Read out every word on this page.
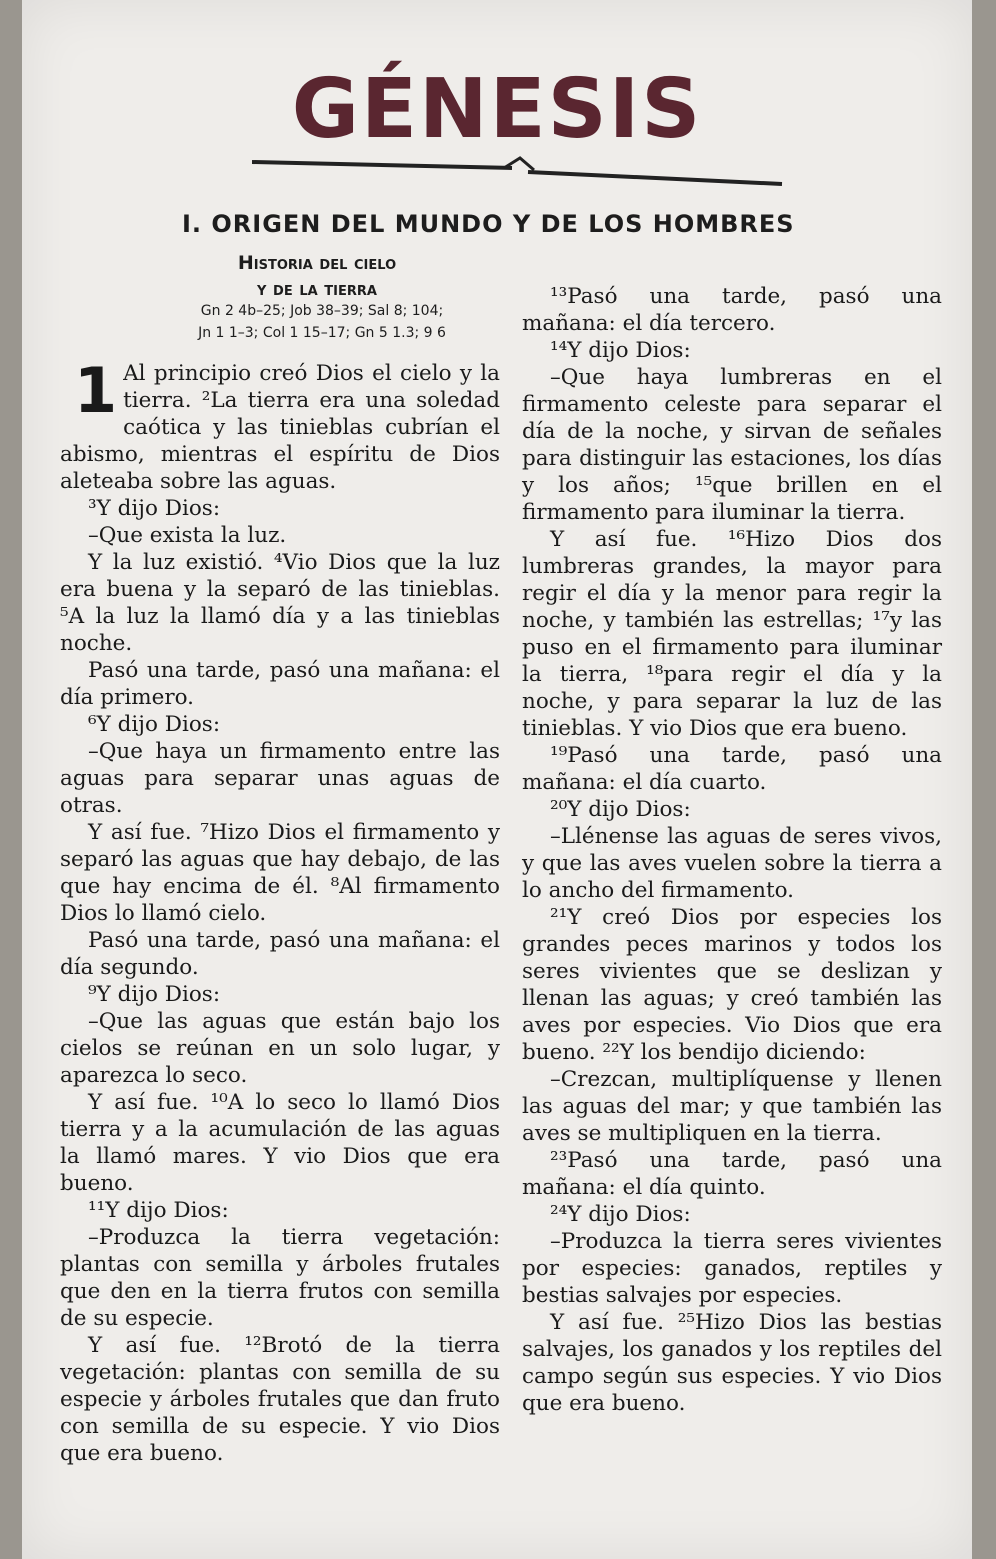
GÉNESIS
I. ORIGEN DEL MUNDO Y DE LOS HOMBRES
Historia del cielo
y de la tierra
Gn 2 4b–25; Job 38–39; Sal 8; 104;
Jn 1 1–3; Col 1 15–17; Gn 5 1.3; 9 6

1 Al principio creó Dios el cielo y la tierra. ²La tierra era una soledad caótica y las tinieblas cubrían el abismo, mientras el espíritu de Dios aleteaba sobre las aguas.

³Y dijo Dios:

–Que exista la luz.

Y la luz existió. ⁴Vio Dios que la luz era buena y la separó de las tinieblas. ⁵A la luz la llamó día y a las tinieblas noche.

Pasó una tarde, pasó una mañana: el día primero.

⁶Y dijo Dios:

–Que haya un firmamento entre las aguas para separar unas aguas de otras.

Y así fue. ⁷Hizo Dios el firmamento y separó las aguas que hay debajo, de las que hay encima de él. ⁸Al firmamento Dios lo llamó cielo.

Pasó una tarde, pasó una mañana: el día segundo.

⁹Y dijo Dios:

–Que las aguas que están bajo los cielos se reúnan en un solo lugar, y aparezca lo seco.

Y así fue. ¹⁰A lo seco lo llamó Dios tierra y a la acumulación de las aguas la llamó mares. Y vio Dios que era bueno.

¹¹Y dijo Dios:

–Produzca la tierra vegetación: plantas con semilla y árboles frutales que den en la tierra frutos con semilla de su especie.

Y así fue. ¹²Brotó de la tierra vegetación: plantas con semilla de su especie y árboles frutales que dan fruto con semilla de su especie. Y vio Dios que era bueno.

¹³Pasó una tarde, pasó una mañana: el día tercero.

¹⁴Y dijo Dios:

–Que haya lumbreras en el firmamento celeste para separar el día de la noche, y sirvan de señales para distinguir las estaciones, los días y los años; ¹⁵que brillen en el firmamento para iluminar la tierra.

Y así fue. ¹⁶Hizo Dios dos lumbreras grandes, la mayor para regir el día y la menor para regir la noche, y también las estrellas; ¹⁷y las puso en el firmamento para iluminar la tierra, ¹⁸para regir el día y la noche, y para separar la luz de las tinieblas. Y vio Dios que era bueno.

¹⁹Pasó una tarde, pasó una mañana: el día cuarto.

²⁰Y dijo Dios:

–Llénense las aguas de seres vivos, y que las aves vuelen sobre la tierra a lo ancho del firmamento.

²¹Y creó Dios por especies los grandes peces marinos y todos los seres vivientes que se deslizan y llenan las aguas; y creó también las aves por especies. Vio Dios que era bueno. ²²Y los bendijo diciendo:

–Crezcan, multiplíquense y llenen las aguas del mar; y que también las aves se multipliquen en la tierra.

²³Pasó una tarde, pasó una mañana: el día quinto.

²⁴Y dijo Dios:

–Produzca la tierra seres vivientes por especies: ganados, reptiles y bestias salvajes por especies.

Y así fue. ²⁵Hizo Dios las bestias salvajes, los ganados y los reptiles del campo según sus especies. Y vio Dios que era bueno.
